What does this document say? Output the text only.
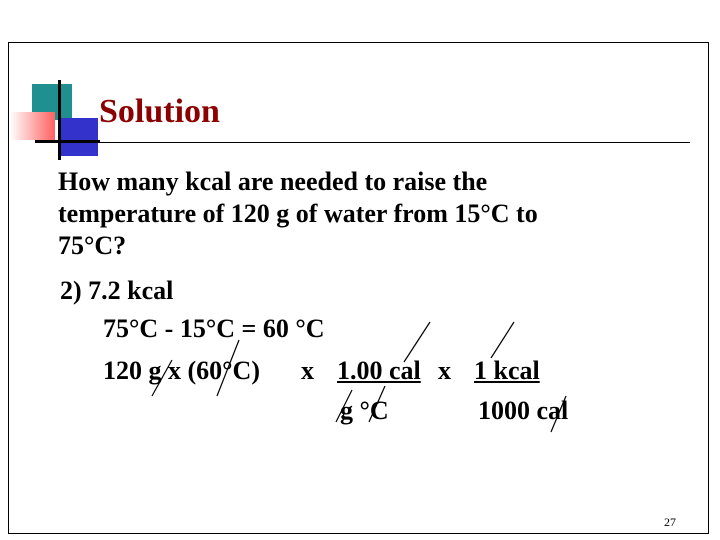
Solution
How many kcal are needed to raise the temperature of 120 g of water from 15°C to 75°C?
2) 7.2 kcal
75°C - 15°C = 60 °C
120 g x (60°C) x 1.00 cal x 1 kcal
g °C	1000 cal
27
